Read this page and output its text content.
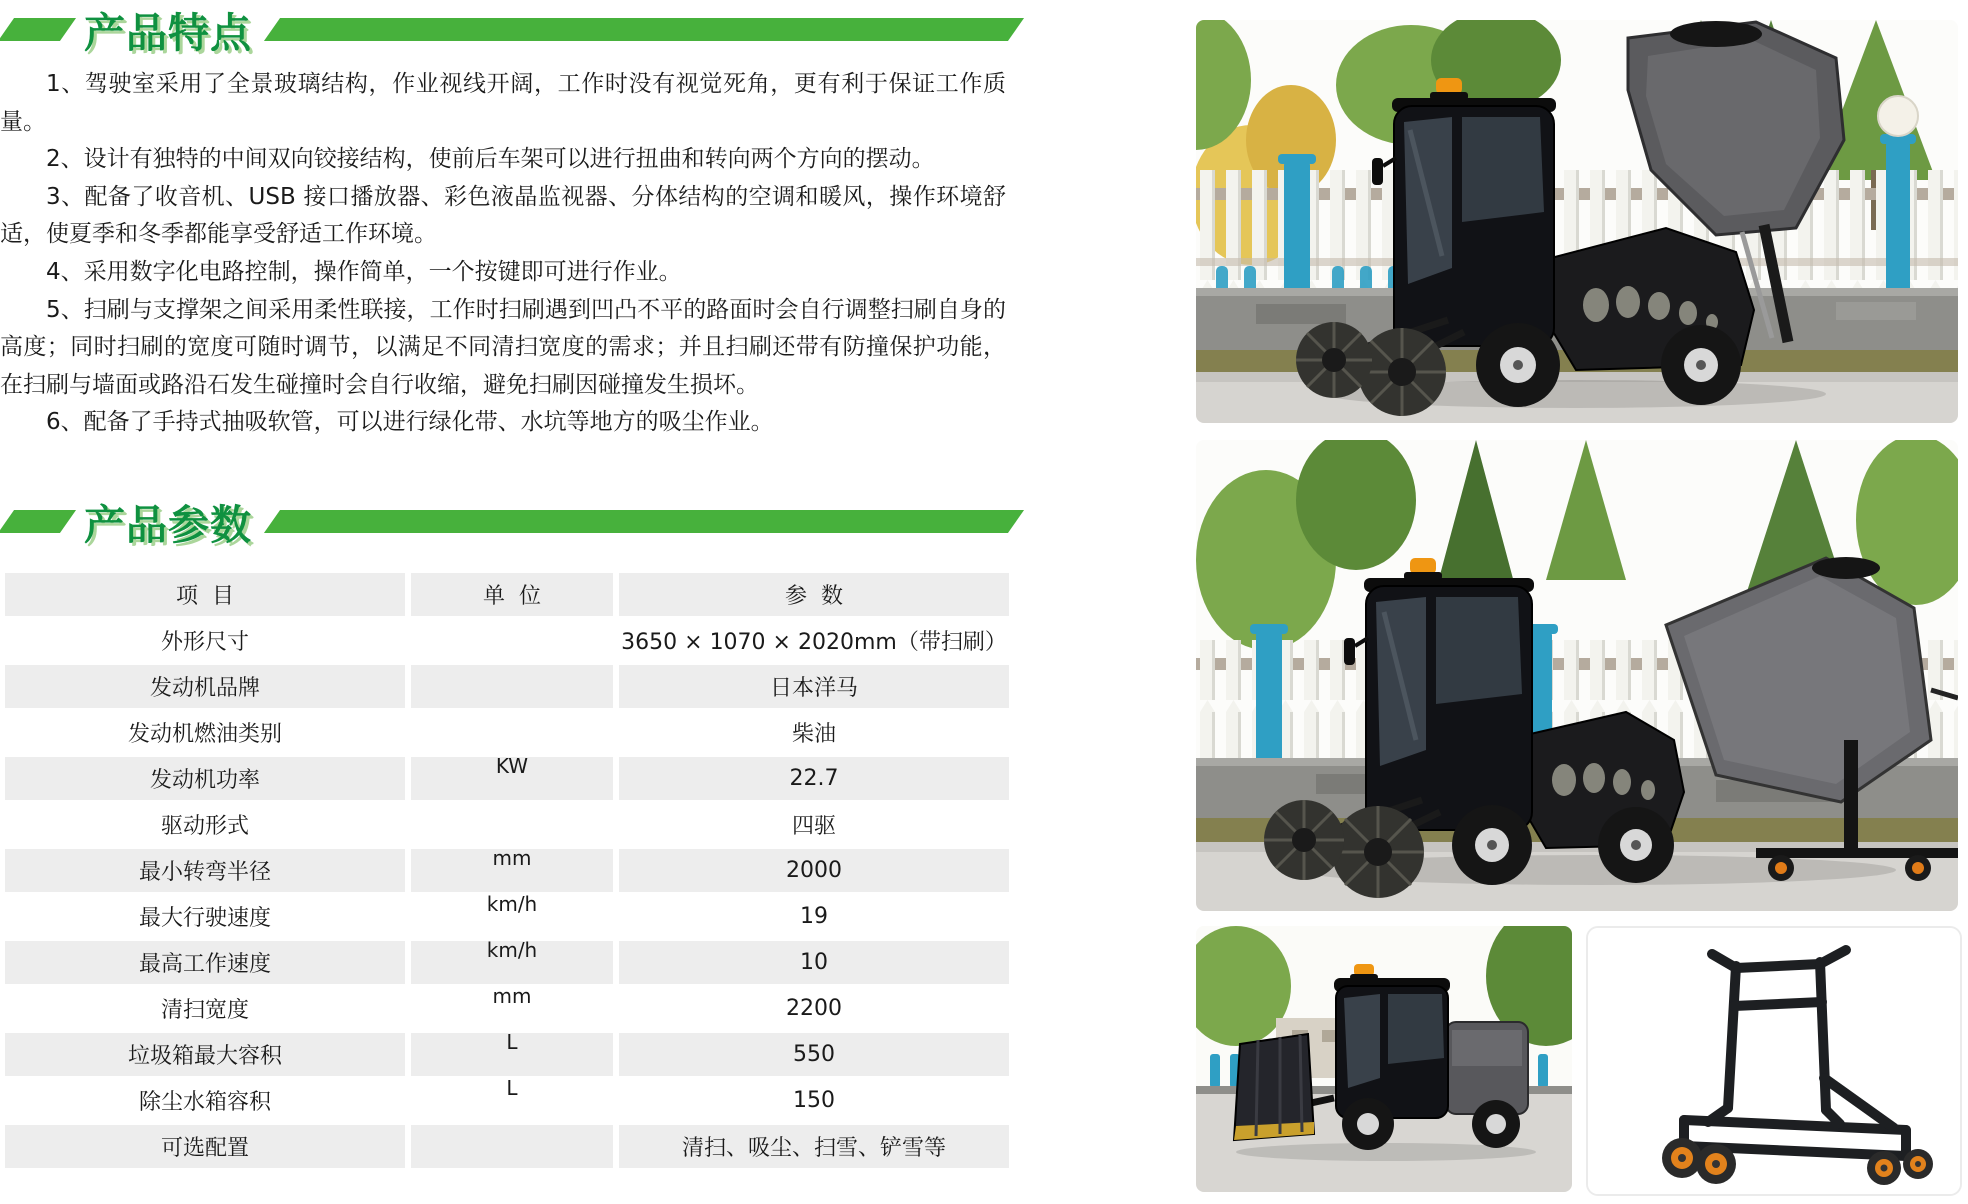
产品特点

1、驾驶室采用了全景玻璃结构，作业视线开阔，工作时没有视觉死角，更有利于保证工作质量。

2、设计有独特的中间双向铰接结构，使前后车架可以进行扭曲和转向两个方向的摆动。

3、配备了收音机、USB 接口播放器、彩色液晶监视器、分体结构的空调和暖风，操作环境舒适，使夏季和冬季都能享受舒适工作环境。

4、采用数字化电路控制，操作简单，一个按键即可进行作业。

5、扫刷与支撑架之间采用柔性联接，工作时扫刷遇到凹凸不平的路面时会自行调整扫刷自身的高度；同时扫刷的宽度可随时调节，以满足不同清扫宽度的需求；并且扫刷还带有防撞保护功能，在扫刷与墙面或路沿石发生碰撞时会自行收缩，避免扫刷因碰撞发生损坏。

6、配备了手持式抽吸软管，可以进行绿化带、水坑等地方的吸尘作业。

产品参数
项  目	单  位	参  数
外形尺寸		3650 × 1070 × 2020mm（带扫刷）
发动机品牌		日本洋马
发动机燃油类别		柴油
发动机功率	KW	22.7
驱动形式		四驱
最小转弯半径	mm	2000
最大行驶速度	km/h	19
最高工作速度	km/h	10
清扫宽度	mm	2200
垃圾箱最大容积	L	550
除尘水箱容积	L	150
可选配置		清扫、吸尘、扫雪、铲雪等
